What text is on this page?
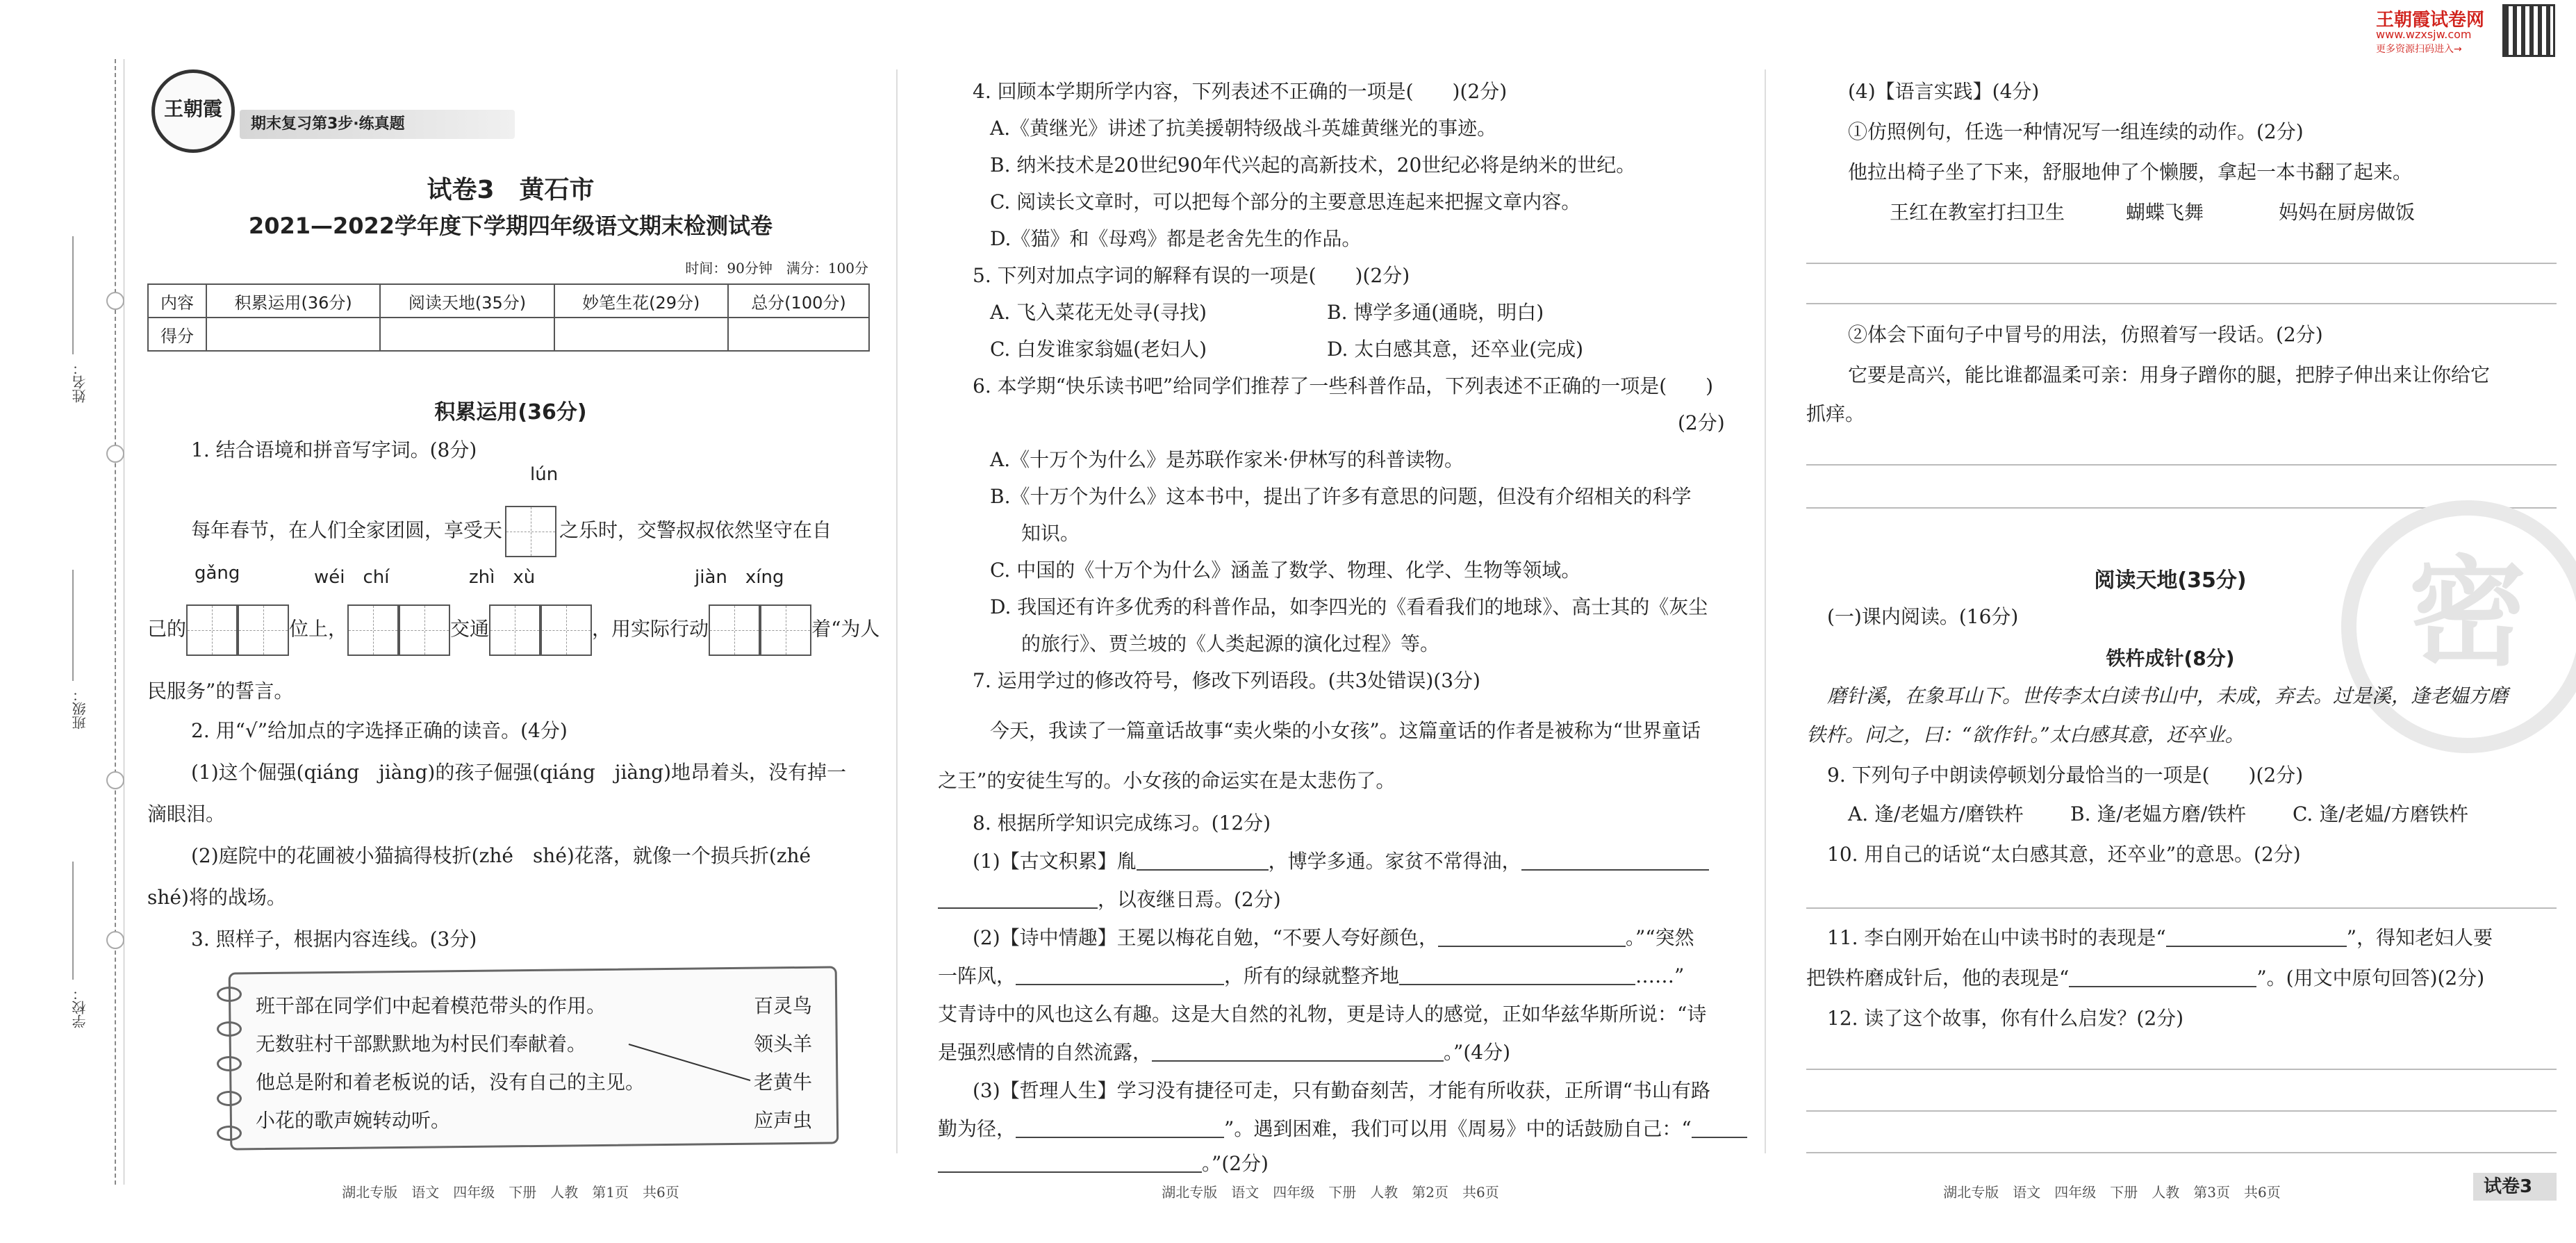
姓名：
班级：
学校：
王朝霞
期末复习第3步·练真题
试卷3　黄石市
2021—2022学年度下学期四年级语文期末检测试卷
时间：90分钟　满分：100分
内容	积累运用(36分)	阅读天地(35分)	妙笔生花(29分)	总分(100分)
得分				
积累运用(36分)
1. 结合语境和拼音写字词。(8分)
lún
每年春节，在人们全家团圆，享受天	之乐时，交警叔叔依然坚守在自
gǎng	wéi　chí	zhì　xù	jiàn　xíng
己的	位上，	交通	，用实际行动	着“为人
民服务”的誓言。
2. 用“√”给加点的字选择正确的读音。(4分)
(1)这个倔强(qiáng　jiàng)的孩子倔强(qiáng　jiàng)地昂着头，没有掉一
滴眼泪。
(2)庭院中的花圃被小猫搞得枝折(zhé　shé)花落，就像一个损兵折(zhé
shé)将的战场。
3. 照样子，根据内容连线。(3分)
班干部在同学们中起着模范带头的作用。
无数驻村干部默默地为村民们奉献着。
他总是附和着老板说的话，没有自己的主见。
小花的歌声婉转动听。
百灵鸟
领头羊
老黄牛
应声虫
湖北专版　语文　四年级　下册　人教　第1页　共6页
4. 回顾本学期所学内容，下列表述不正确的一项是(　　)(2分)
A.《黄继光》讲述了抗美援朝特级战斗英雄黄继光的事迹。
B. 纳米技术是20世纪90年代兴起的高新技术，20世纪必将是纳米的世纪。
C. 阅读长文章时，可以把每个部分的主要意思连起来把握文章内容。
D.《猫》和《母鸡》都是老舍先生的作品。
5. 下列对加点字词的解释有误的一项是(　　)(2分)
A. 飞入菜花无处寻(寻找)	B. 博学多通(通晓，明白)
C. 白发谁家翁媪(老妇人)	D. 太白感其意，还卒业(完成)
6. 本学期“快乐读书吧”给同学们推荐了一些科普作品，下列表述不正确的一项是(　　)
(2分)
A.《十万个为什么》是苏联作家米·伊林写的科普读物。
B.《十万个为什么》这本书中，提出了许多有意思的问题，但没有介绍相关的科学
知识。
C. 中国的《十万个为什么》涵盖了数学、物理、化学、生物等领域。
D. 我国还有许多优秀的科普作品，如李四光的《看看我们的地球》、高士其的《灰尘
的旅行》、贾兰坡的《人类起源的演化过程》等。
7. 运用学过的修改符号，修改下列语段。(共3处错误)(3分)
今天，我读了一篇童话故事“卖火柴的小女孩”。这篇童话的作者是被称为“世界童话
之王”的安徒生写的。小女孩的命运实在是太悲伤了。
8. 根据所学知识完成练习。(12分)
(1)【古文积累】胤	，博学多通。家贫不常得油，
，以夜继日焉。(2分)
(2)【诗中情趣】王冕以梅花自勉，“不要人夸好颜色，	。”“突然
一阵风，	，所有的绿就整齐地	……”
艾青诗中的风也这么有趣。这是大自然的礼物，更是诗人的感觉，正如华兹华斯所说：“诗
是强烈感情的自然流露，	。”(4分)
(3)【哲理人生】学习没有捷径可走，只有勤奋刻苦，才能有所收获，正所谓“书山有路
勤为径，	”。遇到困难，我们可以用《周易》中的话鼓励自己：“
。”(2分)
湖北专版　语文　四年级　下册　人教　第2页　共6页
王朝霞试卷网
www.wzxsjw.com
更多资源扫码进入→
(4)【语言实践】(4分)
①仿照例句，任选一种情况写一组连续的动作。(2分)
他拉出椅子坐了下来，舒服地伸了个懒腰，拿起一本书翻了起来。
王红在教室打扫卫生	蝴蝶飞舞	妈妈在厨房做饭
②体会下面句子中冒号的用法，仿照着写一段话。(2分)
它要是高兴，能比谁都温柔可亲：用身子蹭你的腿，把脖子伸出来让你给它
抓痒。
密
阅读天地(35分)
(一)课内阅读。(16分)
铁杵成针(8分)
磨针溪，在象耳山下。世传李太白读书山中，未成，弃去。过是溪，逢老媪方磨
铁杵。问之，曰：“欲作针。”太白感其意，还卒业。
9. 下列句子中朗读停顿划分最恰当的一项是(　　)(2分)
A. 逢/老媪方/磨铁杵 B. 逢/老媪方磨/铁杵 C. 逢/老媪/方磨铁杵
10. 用自己的话说“太白感其意，还卒业”的意思。(2分)
11. 李白刚开始在山中读书时的表现是“	”，得知老妇人要
把铁杵磨成针后，他的表现是“	”。(用文中原句回答)(2分)
12. 读了这个故事，你有什么启发？(2分)
湖北专版　语文　四年级　下册　人教　第3页　共6页	试卷3
